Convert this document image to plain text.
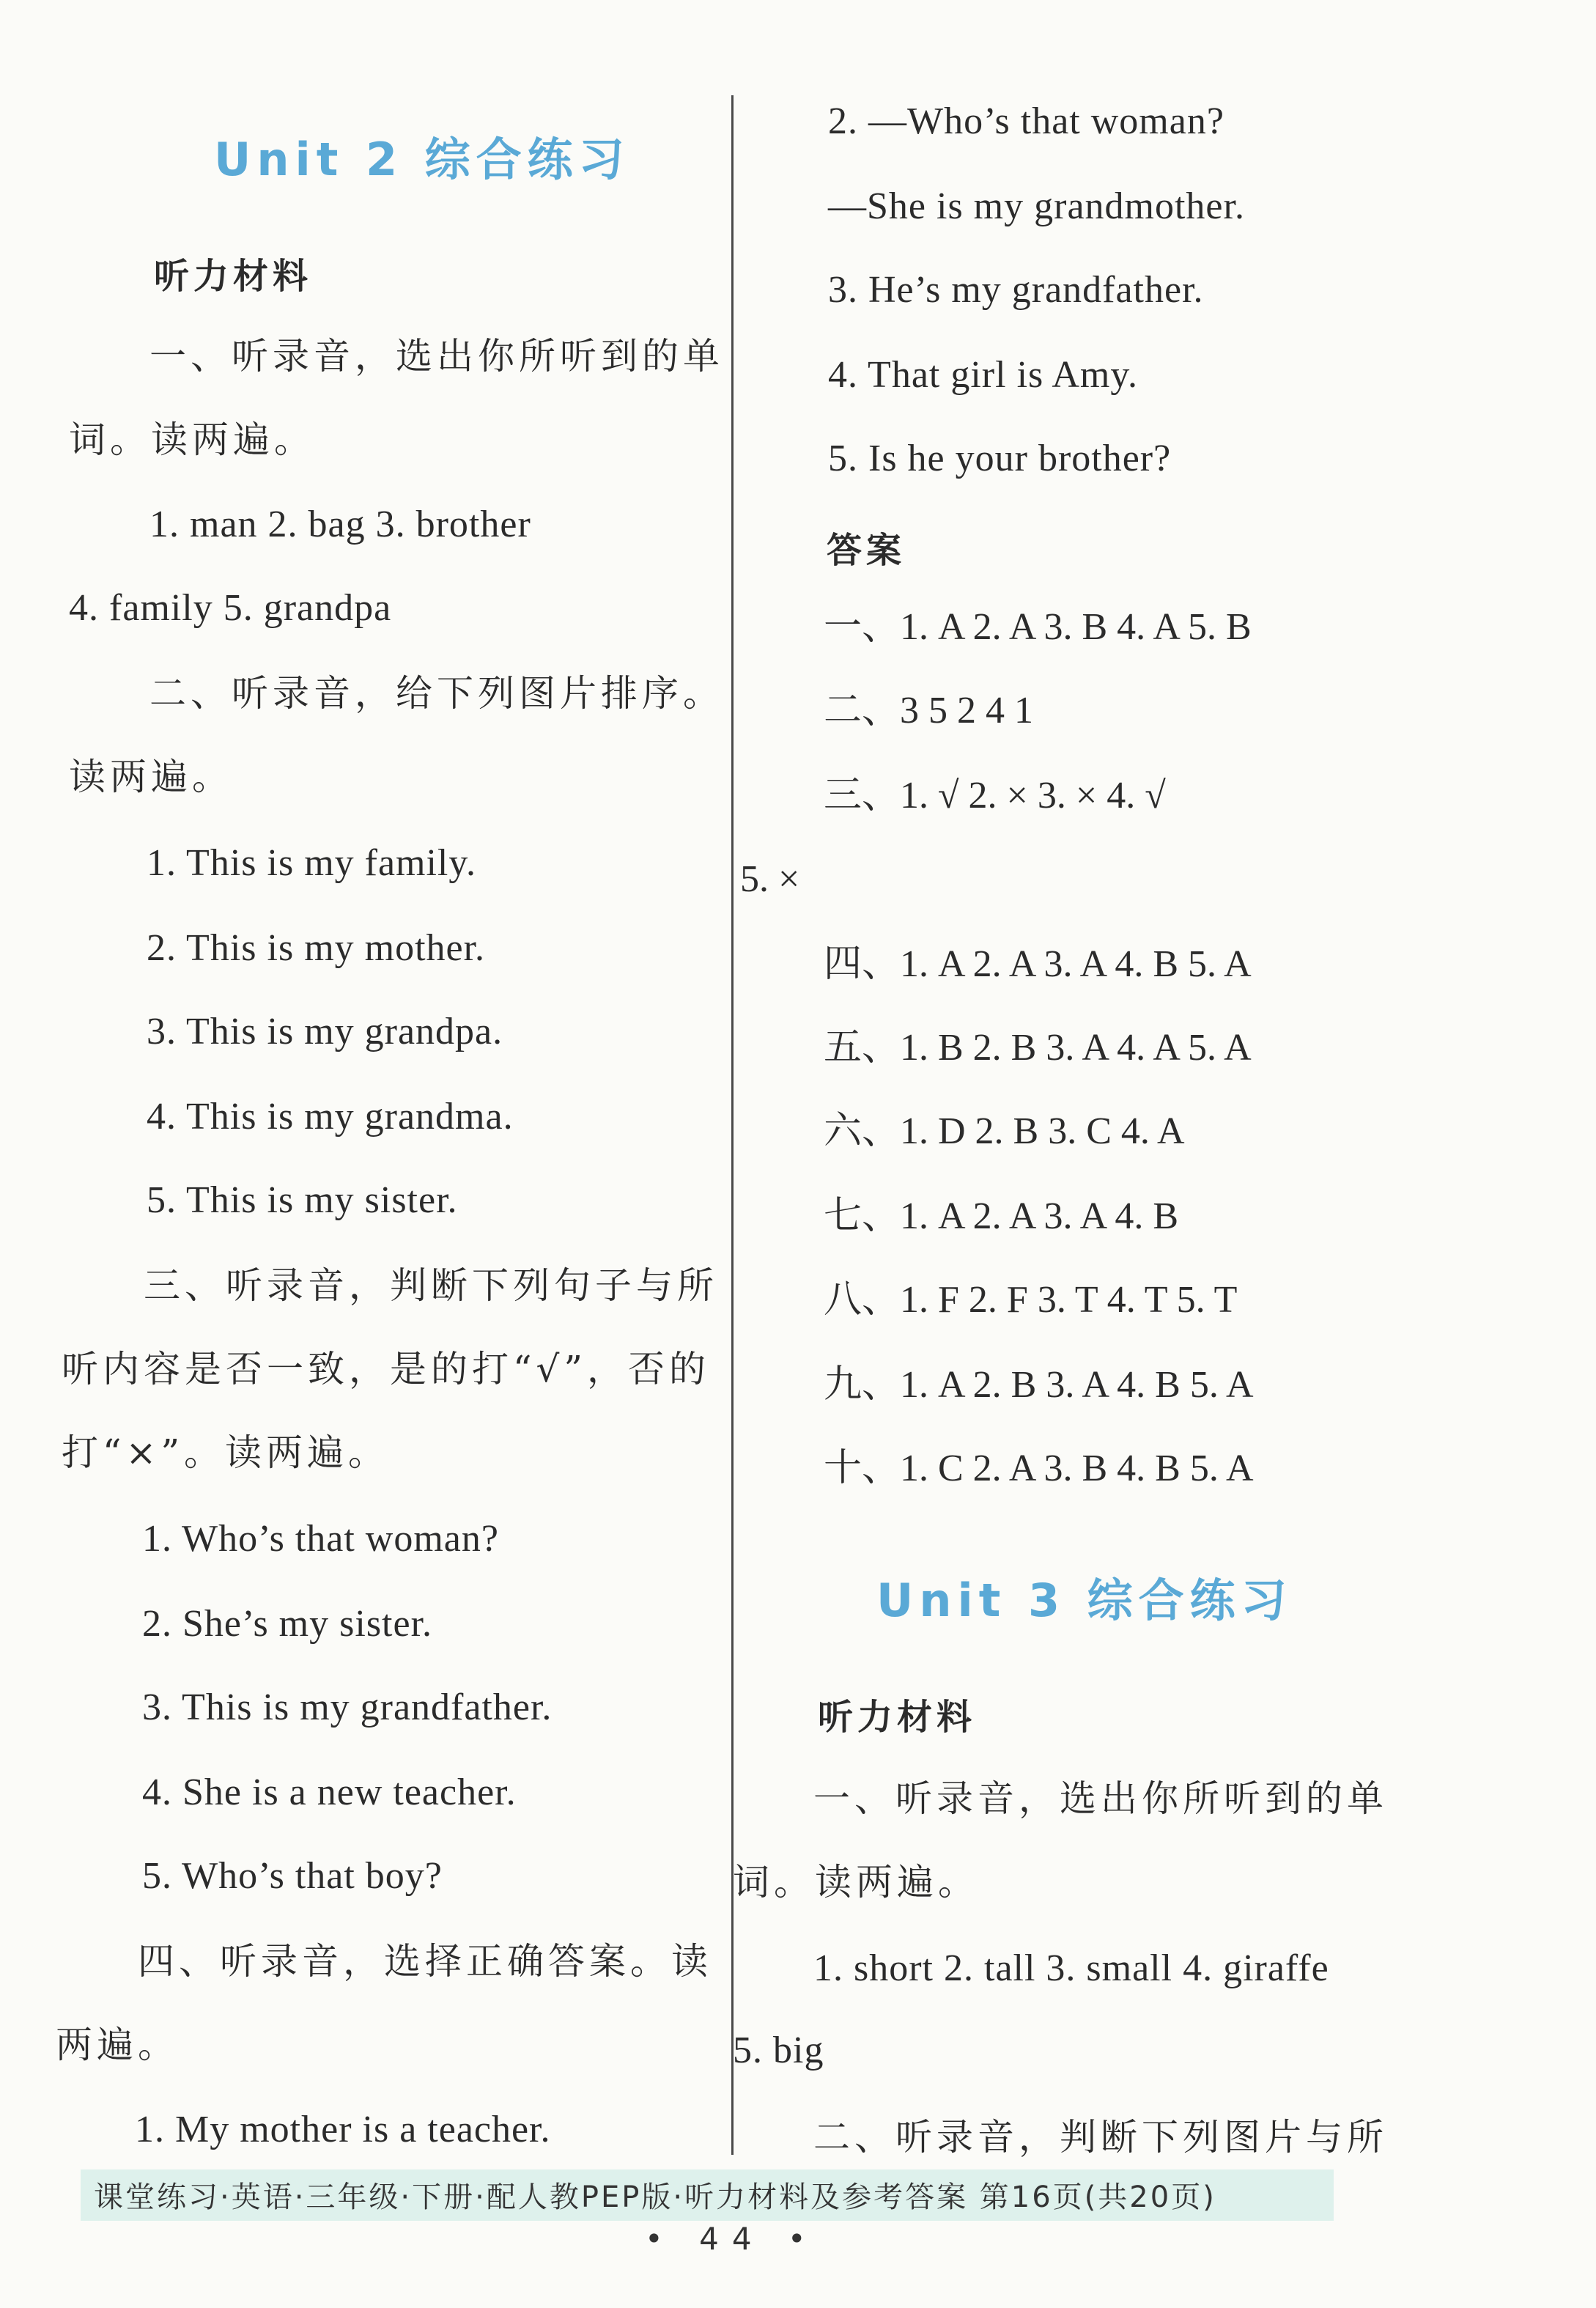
Unit 2 综合练习
听力材料
一、听录音，选出你所听到的单
词。读两遍。
1. man 2. bag 3. brother
4. family 5. grandpa
二、听录音，给下列图片排序。
读两遍。
1. This is my family.
2. This is my mother.
3. This is my grandpa.
4. This is my grandma.
5. This is my sister.
三、听录音，判断下列句子与所
听内容是否一致，是的打“√”，否的
打“×”。读两遍。
1. Who’s that woman?
2. She’s my sister.
3. This is my grandfather.
4. She is a new teacher.
5. Who’s that boy?
四、听录音，选择正确答案。读
两遍。
1. My mother is a teacher.
2. —Who’s that woman?
—She is my grandmother.
3. He’s my grandfather.
4. That girl is Amy.
5. Is he your brother?
答案
一、1. A 2. A 3. B 4. A 5. B
二、3 5 2 4 1
三、1. √ 2. × 3. × 4. √
5. ×
四、1. A 2. A 3. A 4. B 5. A
五、1. B 2. B 3. A 4. A 5. A
六、1. D 2. B 3. C 4. A
七、1. A 2. A 3. A 4. B
八、1. F 2. F 3. T 4. T 5. T
九、1. A 2. B 3. A 4. B 5. A
十、1. C 2. A 3. B 4. B 5. A
Unit 3 综合练习
听力材料
一、听录音，选出你所听到的单
词。读两遍。
1. short 2. tall 3. small 4. giraffe
5. big
二、听录音，判断下列图片与所
课堂练习·英语·三年级·下册·配人教PEP版·听力材料及参考答案 第16页(共20页)
• 44 •
